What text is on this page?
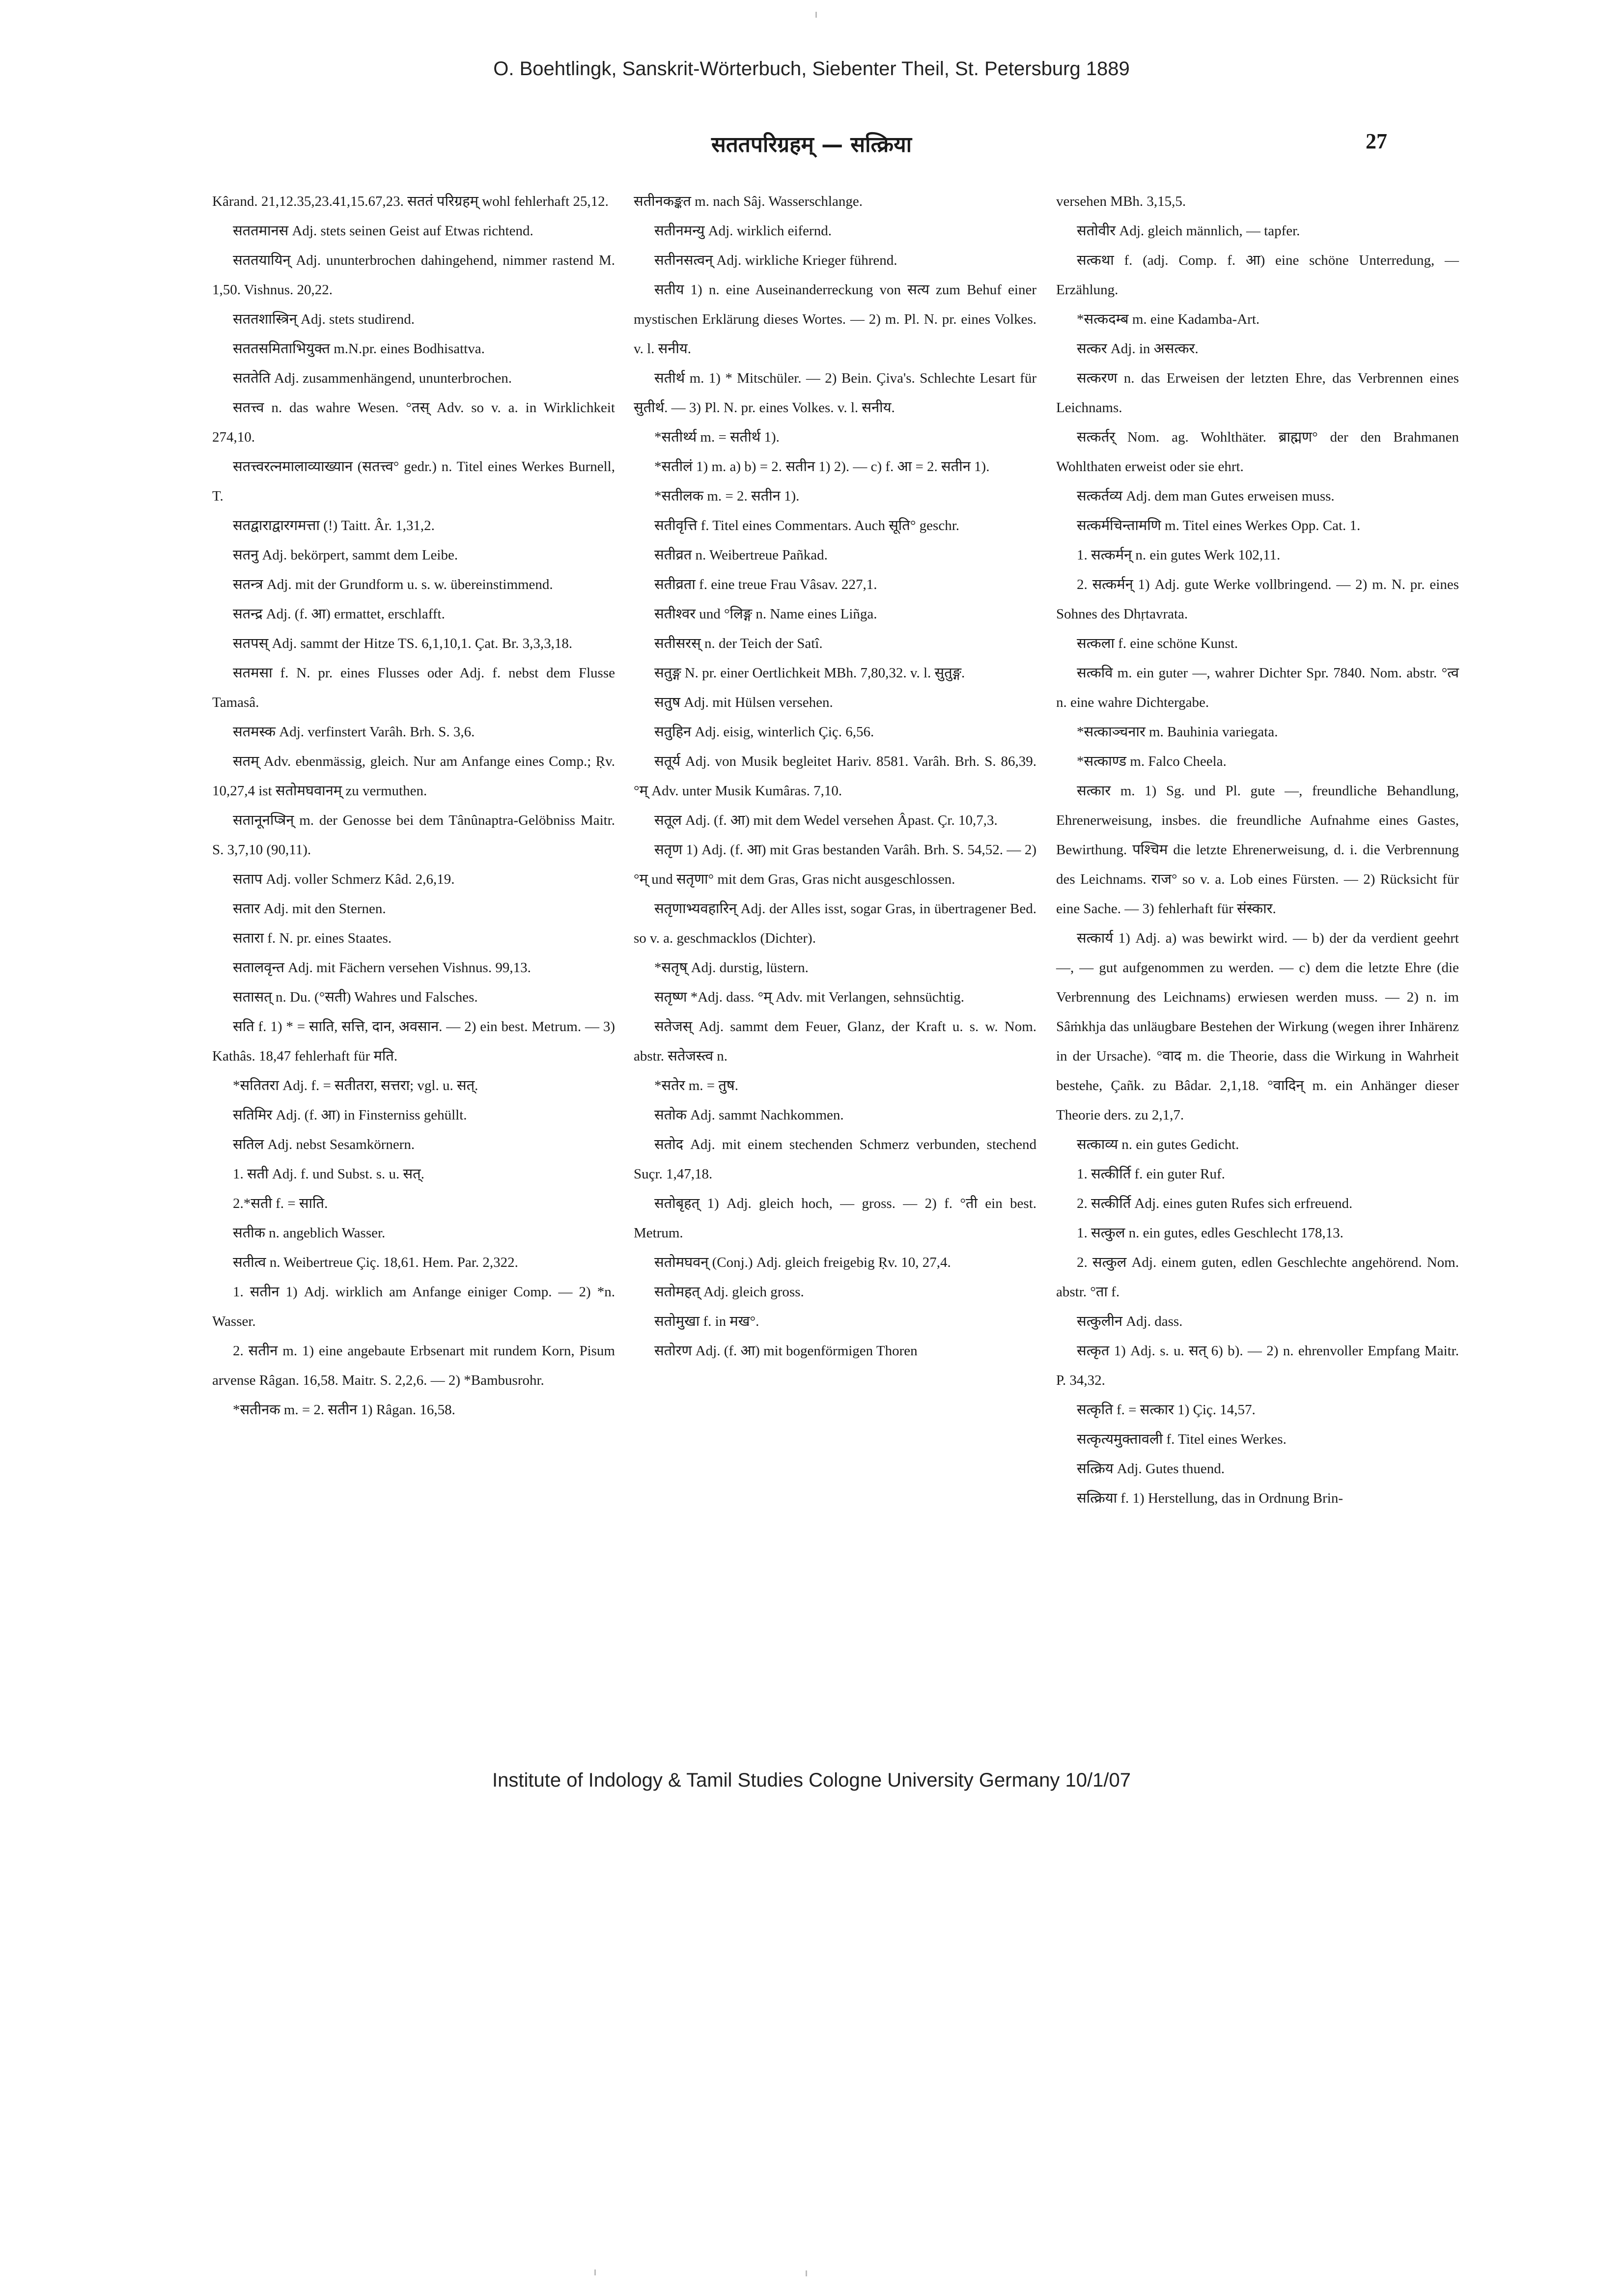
O. Boehtlingk, Sanskrit-Wörterbuch, Siebenter Theil, St. Petersburg 1889
सततपरिग्रहम् — सत्क्रिया	27

Kârand. 21,12.35,23.41,15.67,23. सततं परिग्रहम् wohl fehlerhaft 25,12.

सततमानस Adj. stets seinen Geist auf Etwas richtend.

सततयायिन् Adj. ununterbrochen dahingehend, nimmer rastend M. 1,50. Vishnus. 20,22.

सततशास्त्रिन् Adj. stets studirend.

सततसमिताभियुक्त m.N.pr. eines Bodhisattva.

सततेति Adj. zusammenhängend, ununterbrochen.

सतत्त्व n. das wahre Wesen. °तस् Adv. so v. a. in Wirklichkeit 274,10.

सतत्त्वरत्नमालाव्याख्यान (सतत्त्व° gedr.) n. Titel eines Werkes Burnell, T.

सतद्वाराद्वारगमत्ता (!) Taitt. Âr. 1,31,2.

सतनु Adj. bekörpert, sammt dem Leibe.

सतन्त्र Adj. mit der Grundform u. s. w. übereinstimmend.

सतन्द्र Adj. (f. आ) ermattet, erschlafft.

सतपस् Adj. sammt der Hitze TS. 6,1,10,1. Çat. Br. 3,3,3,18.

सतमसा f. N. pr. eines Flusses oder Adj. f. nebst dem Flusse Tamasâ.

सतमस्क Adj. verfinstert Varâh. Brh. S. 3,6.

सतम् Adv. ebenmässig, gleich. Nur am Anfange eines Comp.; Ṛv. 10,27,4 ist सतोमघवानम् zu vermuthen.

सतानूनप्त्रिन् m. der Genosse bei dem Tânûnaptra-Gelöbniss Maitr. S. 3,7,10 (90,11).

सताप Adj. voller Schmerz Kâd. 2,6,19.

सतार Adj. mit den Sternen.

सतारा f. N. pr. eines Staates.

सतालवृन्त Adj. mit Fächern versehen Vishnus. 99,13.

सतासत् n. Du. (°सती) Wahres und Falsches.

सति f. 1) * = साति, सत्ति, दान, अवसान. — 2) ein best. Metrum. — 3) Kathâs. 18,47 fehlerhaft für मति.

*सतितरा Adj. f. = सतीतरा, सत्तरा; vgl. u. सत्.

सतिमिर Adj. (f. आ) in Finsterniss gehüllt.

सतिल Adj. nebst Sesamkörnern.

1. सती Adj. f. und Subst. s. u. सत्.

2.*सती f. = साति.

सतीक n. angeblich Wasser.

सतीत्व n. Weibertreue Çiç. 18,61. Hem. Par. 2,322.

1. सतीन 1) Adj. wirklich am Anfange einiger Comp. — 2) *n. Wasser.

2. सतीन m. 1) eine angebaute Erbsenart mit rundem Korn, Pisum arvense Râgan. 16,58. Maitr. S. 2,2,6. — 2) *Bambusrohr.

*सतीनक m. = 2. सतीन 1) Râgan. 16,58.

सतीनकङ्कत m. nach Sâj. Wasserschlange.

सतीनमन्यु Adj. wirklich eifernd.

सतीनसत्वन् Adj. wirkliche Krieger führend.

सतीय 1) n. eine Auseinanderreckung von सत्य zum Behuf einer mystischen Erklärung dieses Wortes. — 2) m. Pl. N. pr. eines Volkes. v. l. सनीय.

सतीर्थ m. 1) * Mitschüler. — 2) Bein. Çiva's. Schlechte Lesart für सुतीर्थ. — 3) Pl. N. pr. eines Volkes. v. l. सनीय.

*सतीर्थ्य m. = सतीर्थ 1).

*सतीलं 1) m. a) b) = 2. सतीन 1) 2). — c) f. आ = 2. सतीन 1).

*सतीलक m. = 2. सतीन 1).

सतीवृत्ति f. Titel eines Commentars. Auch सूति° geschr.

सतीव्रत n. Weibertreue Pañkad.

सतीव्रता f. eine treue Frau Vâsav. 227,1.

सतीश्वर und °लिङ्ग n. Name eines Liñga.

सतीसरस् n. der Teich der Satî.

सतुङ्ग N. pr. einer Oertlichkeit MBh. 7,80,32. v. l. सुतुङ्ग.

सतुष Adj. mit Hülsen versehen.

सतुहिन Adj. eisig, winterlich Çiç. 6,56.

सतूर्य Adj. von Musik begleitet Hariv. 8581. Varâh. Brh. S. 86,39. °म् Adv. unter Musik Kumâras. 7,10.

सतूल Adj. (f. आ) mit dem Wedel versehen Âpast. Çr. 10,7,3.

सतृण 1) Adj. (f. आ) mit Gras bestanden Varâh. Brh. S. 54,52. — 2) °म् und सतृणा° mit dem Gras, Gras nicht ausgeschlossen.

सतृणाभ्यवहारिन् Adj. der Alles isst, sogar Gras, in übertragener Bed. so v. a. geschmacklos (Dichter).

*सतृष् Adj. durstig, lüstern.

सतृष्ण *Adj. dass. °म् Adv. mit Verlangen, sehnsüchtig.

सतेजस् Adj. sammt dem Feuer, Glanz, der Kraft u. s. w. Nom. abstr. सतेजस्त्व n.

*सतेर m. = तुष.

सतोक Adj. sammt Nachkommen.

सतोद Adj. mit einem stechenden Schmerz verbunden, stechend Suçr. 1,47,18.

सतोबृहत् 1) Adj. gleich hoch, — gross. — 2) f. °ती ein best. Metrum.

सतोमघवन् (Conj.) Adj. gleich freigebig Ṛv. 10, 27,4.

सतोमहत् Adj. gleich gross.

सतोमुखा f. in मख°.

सतोरण Adj. (f. आ) mit bogenförmigen Thoren

versehen MBh. 3,15,5.

सतोवीर Adj. gleich männlich, — tapfer.

सत्कथा f. (adj. Comp. f. आ) eine schöne Unterredung, — Erzählung.

*सत्कदम्ब m. eine Kadamba-Art.

सत्कर Adj. in असत्कर.

सत्करण n. das Erweisen der letzten Ehre, das Verbrennen eines Leichnams.

सत्कर्तर् Nom. ag. Wohlthäter. ब्राह्मण° der den Brahmanen Wohlthaten erweist oder sie ehrt.

सत्कर्तव्य Adj. dem man Gutes erweisen muss.

सत्कर्मचिन्तामणि m. Titel eines Werkes Opp. Cat. 1.

1. सत्कर्मन् n. ein gutes Werk 102,11.

2. सत्कर्मन् 1) Adj. gute Werke vollbringend. — 2) m. N. pr. eines Sohnes des Dhṛtavrata.

सत्कला f. eine schöne Kunst.

सत्कवि m. ein guter —, wahrer Dichter Spr. 7840. Nom. abstr. °त्व n. eine wahre Dichtergabe.

*सत्काञ्चनार m. Bauhinia variegata.

*सत्काण्ड m. Falco Cheela.

सत्कार m. 1) Sg. und Pl. gute —, freundliche Behandlung, Ehrenerweisung, insbes. die freundliche Aufnahme eines Gastes, Bewirthung. पश्चिम die letzte Ehrenerweisung, d. i. die Verbrennung des Leichnams. राज° so v. a. Lob eines Fürsten. — 2) Rücksicht für eine Sache. — 3) fehlerhaft für संस्कार.

सत्कार्य 1) Adj. a) was bewirkt wird. — b) der da verdient geehrt —, — gut aufgenommen zu werden. — c) dem die letzte Ehre (die Verbrennung des Leichnams) erwiesen werden muss. — 2) n. im Sâṁkhja das unläugbare Bestehen der Wirkung (wegen ihrer Inhärenz in der Ursache). °वाद m. die Theorie, dass die Wirkung in Wahrheit bestehe, Çañk. zu Bâdar. 2,1,18. °वादिन् m. ein Anhänger dieser Theorie ders. zu 2,1,7.

सत्काव्य n. ein gutes Gedicht.

1. सत्कीर्ति f. ein guter Ruf.

2. सत्कीर्ति Adj. eines guten Rufes sich erfreuend.

1. सत्कुल n. ein gutes, edles Geschlecht 178,13.

2. सत्कुल Adj. einem guten, edlen Geschlechte angehörend. Nom. abstr. °ता f.

सत्कुलीन Adj. dass.

सत्कृत 1) Adj. s. u. सत् 6) b). — 2) n. ehrenvoller Empfang Maitr. P. 34,32.

सत्कृति f. = सत्कार 1) Çiç. 14,57.

सत्कृत्यमुक्तावली f. Titel eines Werkes.

सत्क्रिय Adj. Gutes thuend.

सत्क्रिया f. 1) Herstellung, das in Ordnung Brin-

Institute of Indology & Tamil Studies Cologne University Germany 10/1/07
